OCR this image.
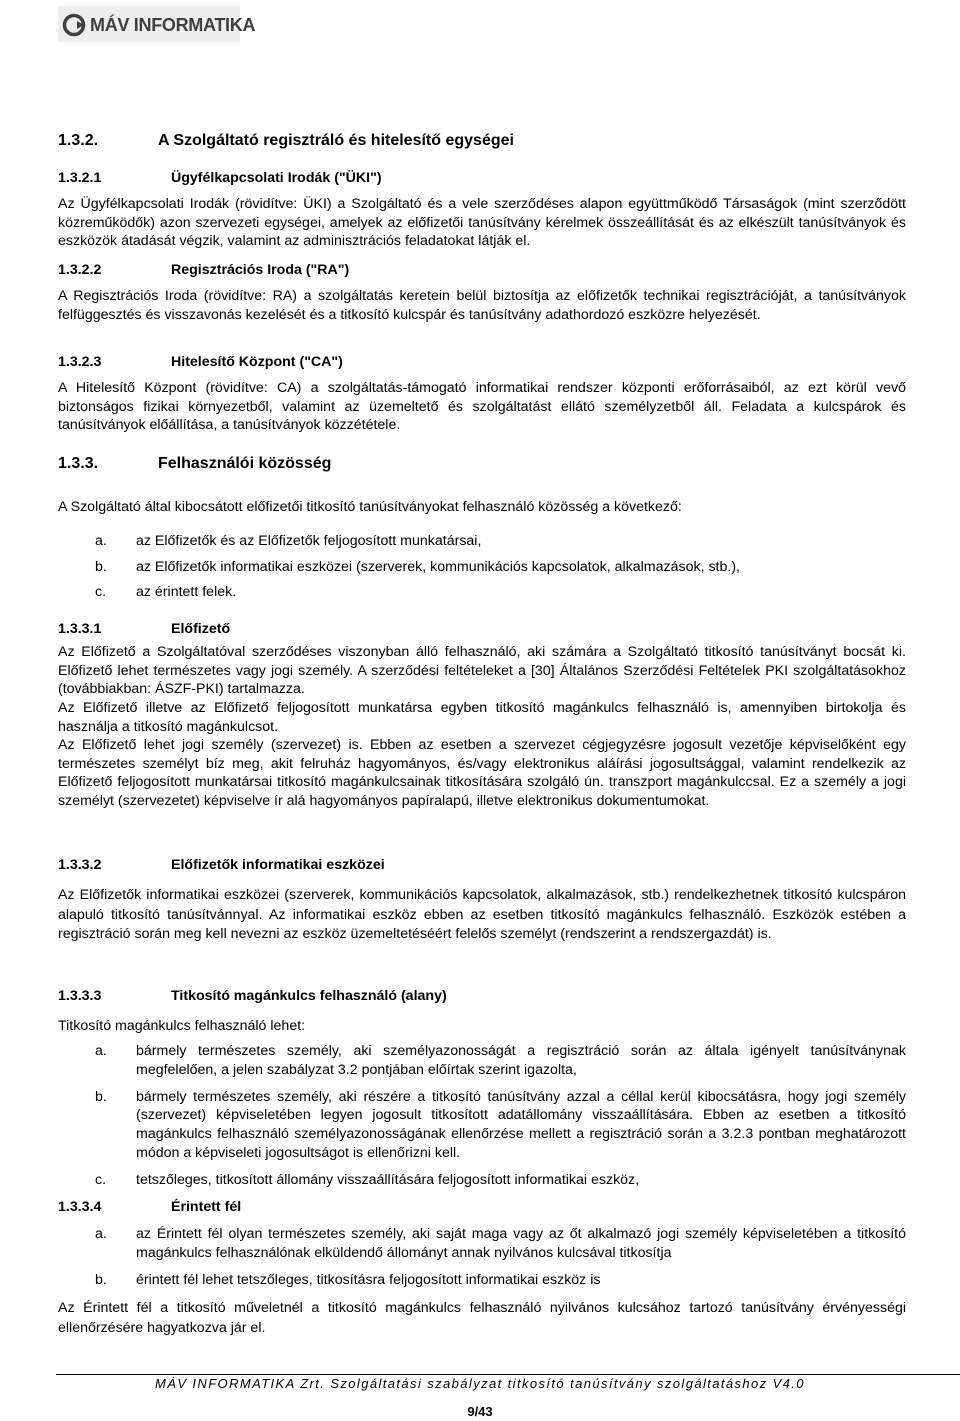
MÁV INFORMATIKA
1.3.2.	A Szolgáltató regisztráló és hitelesítő egységei
1.3.2.1	Ügyfélkapcsolati Irodák ("ÜKI")
Az Ügyfélkapcsolati Irodák (rövidítve: ÜKI) a Szolgáltató és a vele szerződéses alapon együttműködő Társaságok (mint szerződött közreműködők) azon szervezeti egységei, amelyek az előfizetői tanúsítvány kérelmek összeállítását és az elkészült tanúsítványok és eszközök átadását végzik, valamint az adminisztrációs feladatokat látják el.
1.3.2.2	Regisztrációs Iroda ("RA")
A Regisztrációs Iroda (rövidítve: RA) a szolgáltatás keretein belül biztosítja az előfizetők technikai regisztrációját, a tanúsítványok felfüggesztés és visszavonás kezelését és a titkosító kulcspár és tanúsítvány adathordozó eszközre helyezését.
1.3.2.3	Hitelesítő Központ ("CA")
A Hitelesítő Központ (rövidítve: CA) a szolgáltatás-támogató informatikai rendszer központi erőforrásaiból, az ezt körül vevő biztonságos fizikai környezetből, valamint az üzemeltető és szolgáltatást ellátó személyzetből áll. Feladata a kulcspárok és tanúsítványok előállítása, a tanúsítványok közzététele.
1.3.3.	Felhasználói közösség
A Szolgáltató által kibocsátott előfizetői titkosító tanúsítványokat felhasználó közösség a következő:
a. az Előfizetők és az Előfizetők feljogosított munkatársai,
b. az Előfizetők informatikai eszközei (szerverek, kommunikációs kapcsolatok, alkalmazások, stb.),
c. az érintett felek.
1.3.3.1	Előfizető
Az Előfizető a Szolgáltatóval szerződéses viszonyban álló felhasználó, aki számára a Szolgáltató titkosító tanúsítványt bocsát ki. Előfizető lehet természetes vagy jogi személy. A szerződési feltételeket a [30] Általános Szerződési Feltételek PKI szolgáltatásokhoz (továbbiakban: ÁSZF-PKI) tartalmazza.
Az Előfizető illetve az Előfizető feljogosított munkatársa egyben titkosító magánkulcs felhasználó is, amennyiben birtokolja és használja a titkosító magánkulcsot.
Az Előfizető lehet jogi személy (szervezet) is. Ebben az esetben a szervezet cégjegyzésre jogosult vezetője képviselőként egy természetes személyt bíz meg, akit felruház hagyományos, és/vagy elektronikus aláírási jogosultsággal, valamint rendelkezik az Előfizető feljogosított munkatársai titkosító magánkulcsainak titkosítására szolgáló ún. transzport magánkulccsal. Ez a személy a jogi személyt (szervezetet) képviselve ír alá hagyományos papíralapú, illetve elektronikus dokumentumokat.
1.3.3.2	Előfizetők informatikai eszközei
Az Előfizetők informatikai eszközei (szerverek, kommunikációs kapcsolatok, alkalmazások, stb.) rendelkezhetnek titkosító kulcspáron alapuló titkosító tanúsítvánnyal. Az informatikai eszköz ebben az esetben titkosító magánkulcs felhasználó. Eszközök estében a regisztráció során meg kell nevezni az eszköz üzemeltetéséért felelős személyt (rendszerint a rendszergazdát) is.
1.3.3.3	Titkosító magánkulcs felhasználó (alany)
Titkosító magánkulcs felhasználó lehet:
a. bármely természetes személy, aki személyazonosságát a regisztráció során az általa igényelt tanúsítványnak megfelelően, a jelen szabályzat 3.2 pontjában előírtak szerint igazolta,
b. bármely természetes személy, aki részére a titkosító tanúsítvány azzal a céllal kerül kibocsátásra, hogy jogi személy (szervezet) képviseletében legyen jogosult titkosított adatállomány visszaállítására. Ebben az esetben a titkosító magánkulcs felhasználó személyazonosságának ellenőrzése mellett a regisztráció során a 3.2.3 pontban meghatározott módon a képviseleti jogosultságot is ellenőrizni kell.
c. tetszőleges, titkosított állomány visszaállítására feljogosított informatikai eszköz,
1.3.3.4	Érintett fél
a. az Érintett fél olyan természetes személy, aki saját maga vagy az őt alkalmazó jogi személy képviseletében a titkosító magánkulcs felhasználónak elküldendő állományt annak nyilvános kulcsával titkosítja
b. érintett fél lehet tetszőleges, titkosításra feljogosított informatikai eszköz is
Az Érintett fél a titkosító műveletnél a titkosító magánkulcs felhasználó nyilvános kulcsához tartozó tanúsítvány érvényességi ellenőrzésére hagyatkozva jár el.
MÁV INFORMATIKA Zrt. Szolgáltatási szabályzat titkosító tanúsítvány szolgáltatáshoz V4.0
9/43
